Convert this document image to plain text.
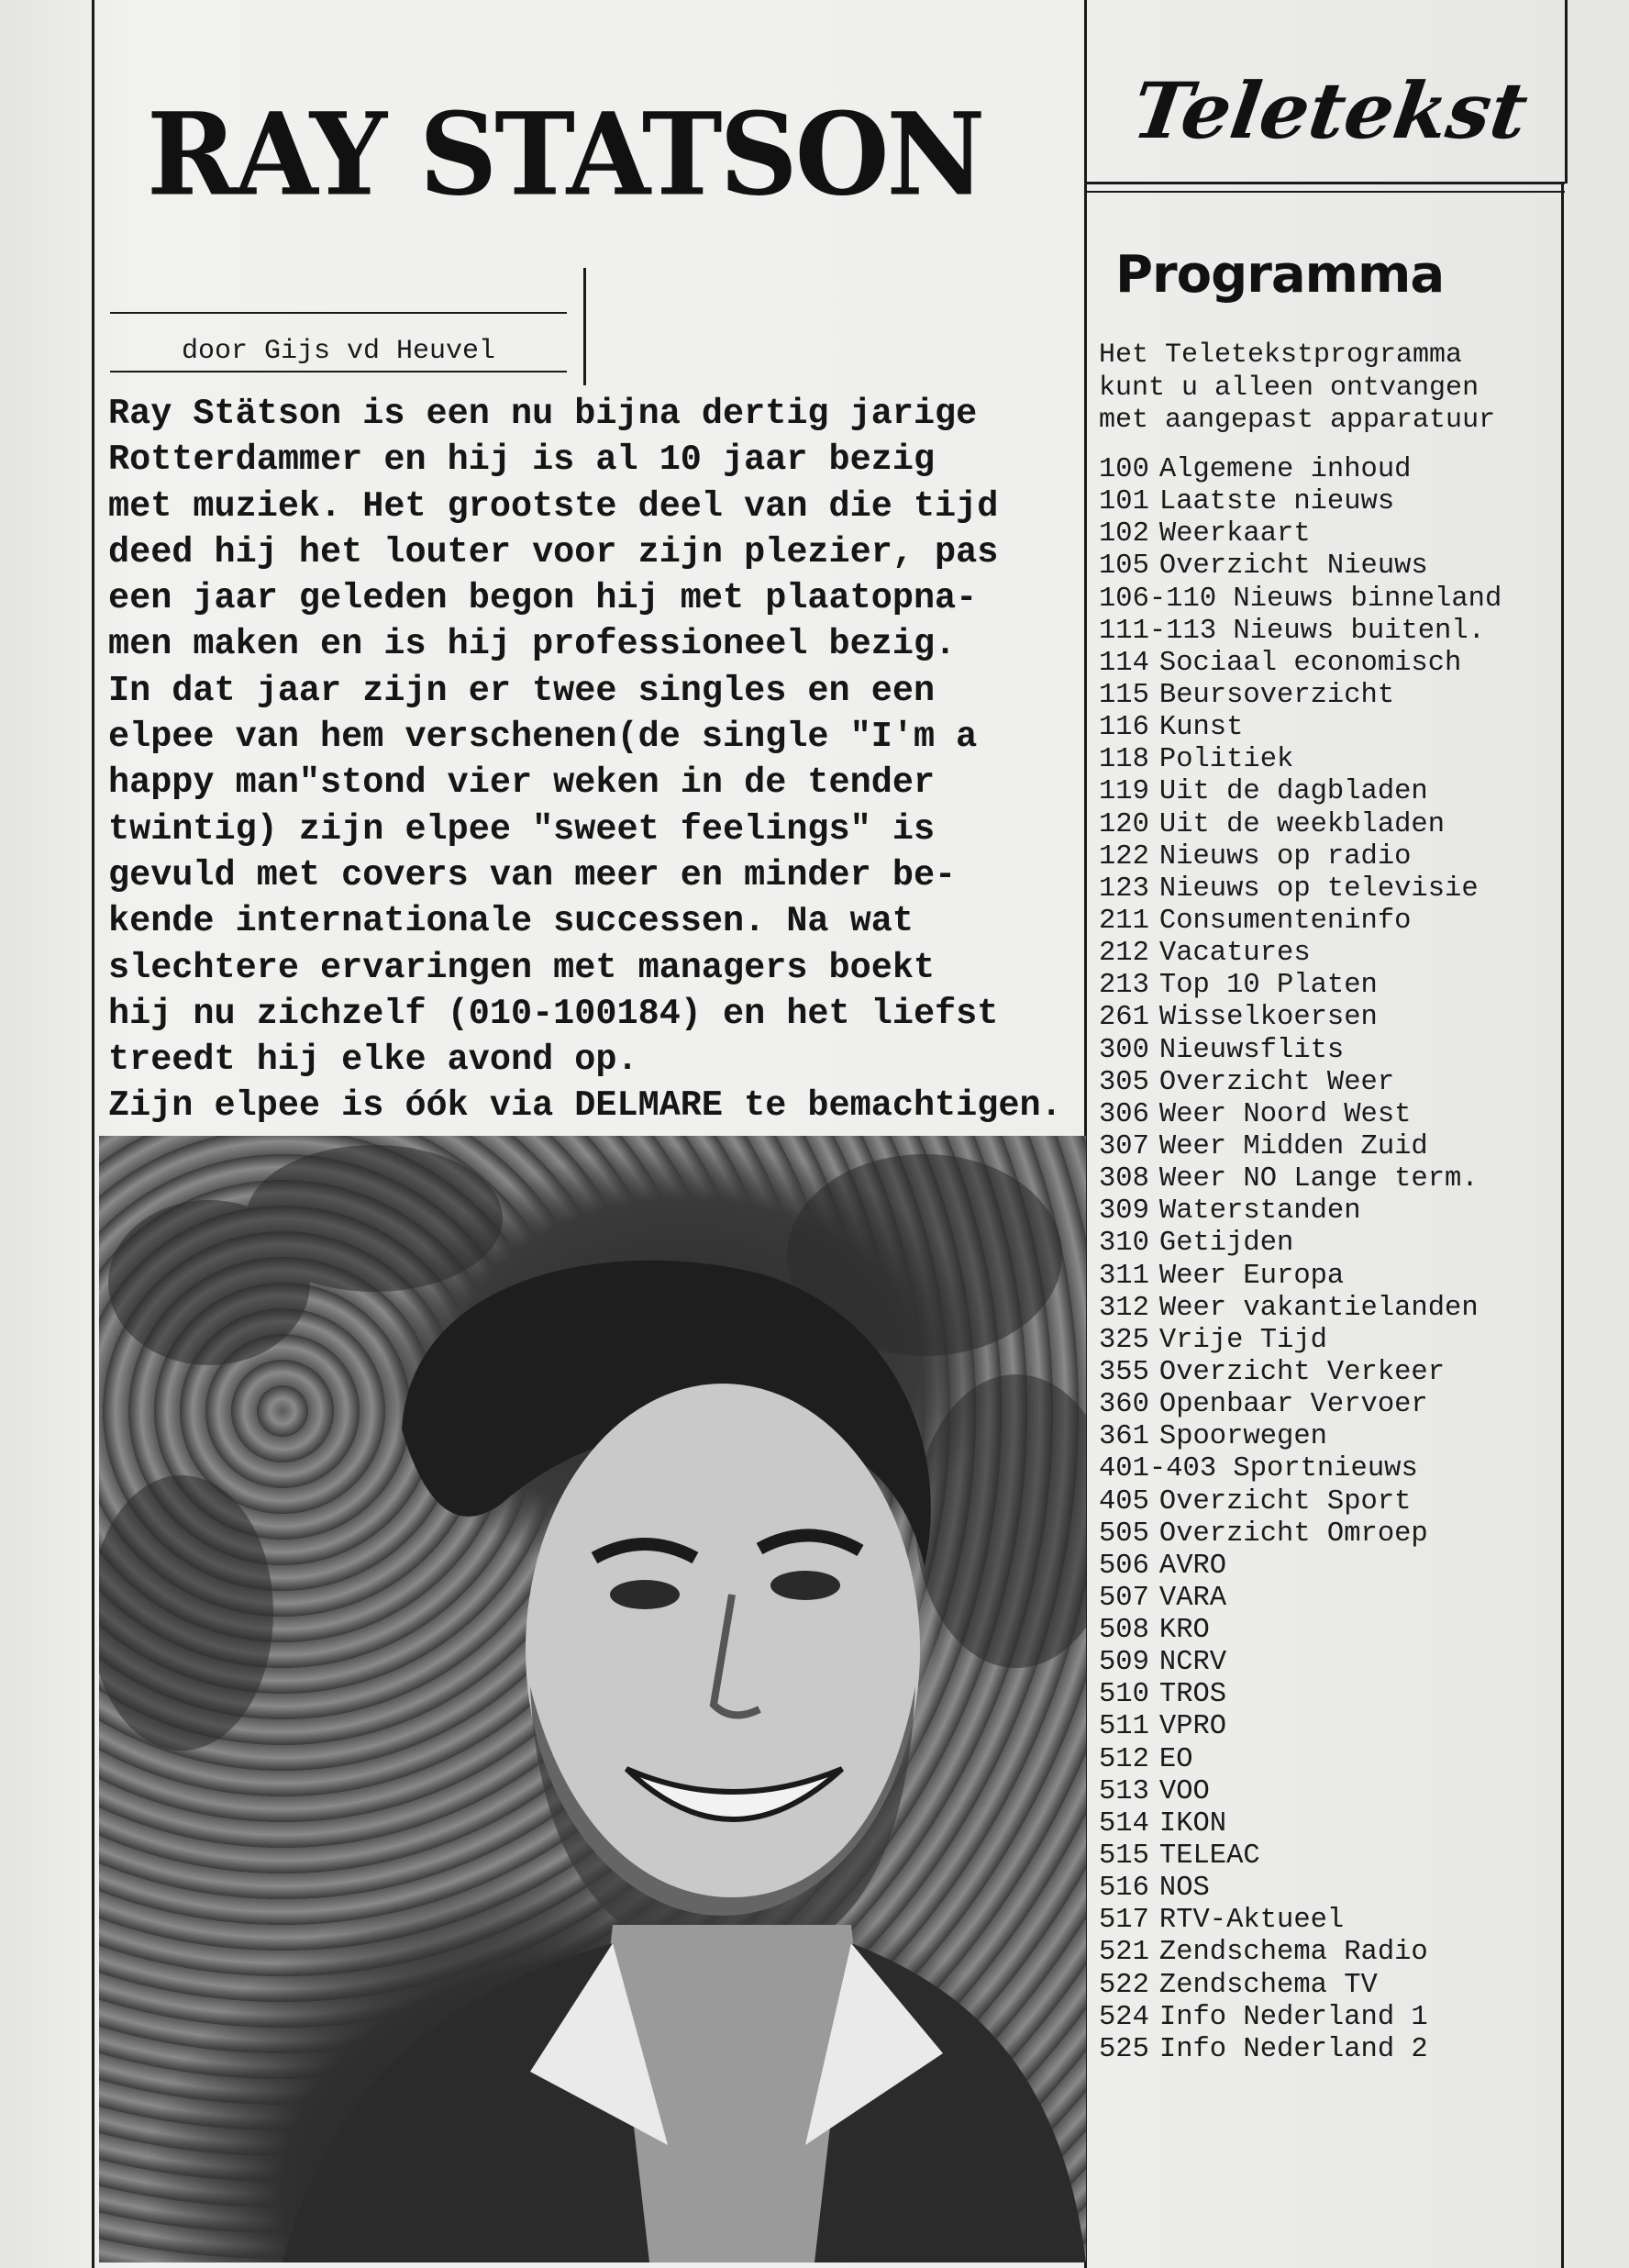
RAY STATSON	Teletekst
door Gijs vd Heuvel

Ray Stätson is een nu bijna dertig jarige

Rotterdammer en hij is al 10 jaar bezig

met muziek. Het grootste deel van die tijd

deed hij het louter voor zijn plezier, pas

een jaar geleden begon hij met plaatopna-

men maken en is hij professioneel bezig.

In dat jaar zijn er twee singles en een

elpee van hem verschenen(de single "I'm a

happy man"stond vier weken in de tender

twintig) zijn elpee "sweet feelings" is

gevuld met covers van meer en minder be-

kende internationale successen. Na wat

slechtere ervaringen met managers boekt

hij nu zichzelf (010-100184) en het liefst

treedt hij elke avond op.

Zijn elpee is óók via DELMARE te bemachtigen.

Programma

Het Teletekstprogramma

kunt u alleen ontvangen

met aangepast apparatuur

100 Algemene inhoud
101 Laatste nieuws
102 Weerkaart
105 Overzicht Nieuws
106-110 Nieuws binneland
111-113 Nieuws buitenl.
114 Sociaal economisch
115 Beursoverzicht
116 Kunst
118 Politiek
119 Uit de dagbladen
120 Uit de weekbladen
122 Nieuws op radio
123 Nieuws op televisie
211 Consumenteninfo
212 Vacatures
213 Top 10 Platen
261 Wisselkoersen
300 Nieuwsflits
305 Overzicht Weer
306 Weer Noord West
307 Weer Midden Zuid
308 Weer NO Lange term.
309 Waterstanden
310 Getijden
311 Weer Europa
312 Weer vakantielanden
325 Vrije Tijd
355 Overzicht Verkeer
360 Openbaar Vervoer
361 Spoorwegen
401-403 Sportnieuws
405 Overzicht Sport
505 Overzicht Omroep
506 AVRO
507 VARA
508 KRO
509 NCRV
510 TROS
511 VPRO
512 EO
513 VOO
514 IKON
515 TELEAC
516 NOS
517 RTV-Aktueel
521 Zendschema Radio
522 Zendschema TV
524 Info Nederland 1
525 Info Nederland 2
